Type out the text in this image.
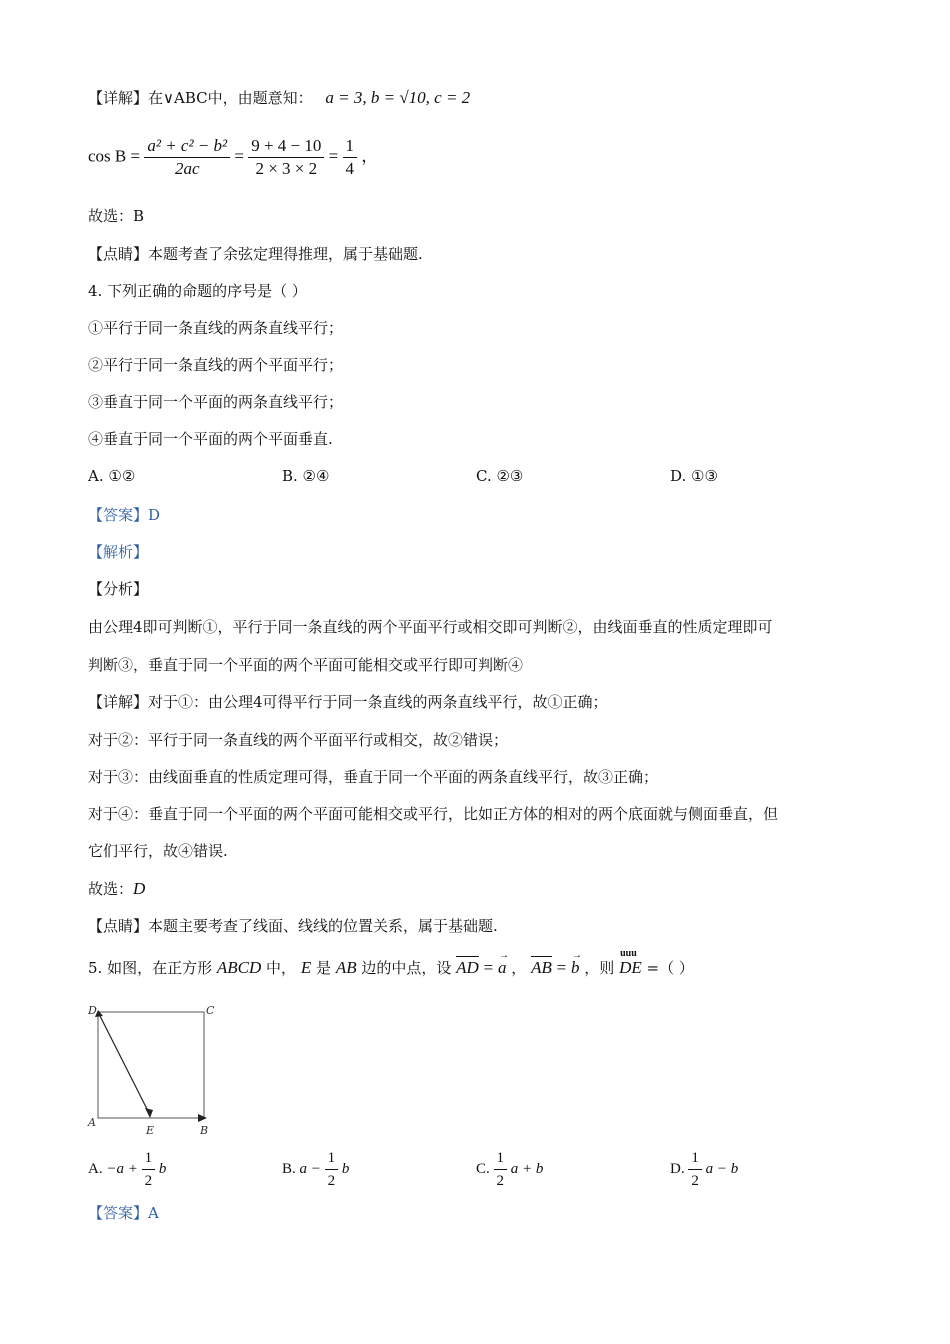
【详解】在∨ABC中，由题意知： a = 3, b = √10, c = 2
$\cos B = \frac{\text{a² + c² − b²}}{2ac} = \frac{9 + 4 - 10}{2 \times 3 \times 2} = \frac{1}{4}$ ，
故选：B
【点睛】本题考查了余弦定理得推理，属于基础题.
4. 下列正确的命题的序号是（ ）
①平行于同一条直线的两条直线平行；
②平行于同一条直线的两个平面平行；
③垂直于同一个平面的两条直线平行；
④垂直于同一个平面的两个平面垂直.
A. ①②	B. ②④	C. ②③	D. ①③
【答案】D
【解析】
【分析】
由公理4即可判断①，平行于同一条直线的两个平面平行或相交即可判断②，由线面垂直的性质定理即可
判断③，垂直于同一个平面的两个平面可能相交或平行即可判断④
【详解】对于①：由公理4可得平行于同一条直线的两条直线平行，故①正确；
对于②：平行于同一条直线的两个平面平行或相交，故②错误；
对于③：由线面垂直的性质定理可得，垂直于同一个平面的两条直线平行，故③正确；
对于④：垂直于同一个平面的两个平面可能相交或平行，比如正方体的相对的两个底面就与侧面垂直，但
它们平行，故④错误.
故选：D
【点睛】本题主要考查了线面、线线的位置关系，属于基础题.
5. 如图，在正方形 ABCD 中， E 是 AB 边的中点，设 AD =
→
a ， AB =
→
b ，则
uuu
DE =（ ）
D	C
A
E	B
A. $-a + \frac{1}{2}$ b	B. $a - \frac{1}{2}$ b	C. $\frac{1}{2}$ a + b	D. $\frac{1}{2}$ a − b
【答案】A
